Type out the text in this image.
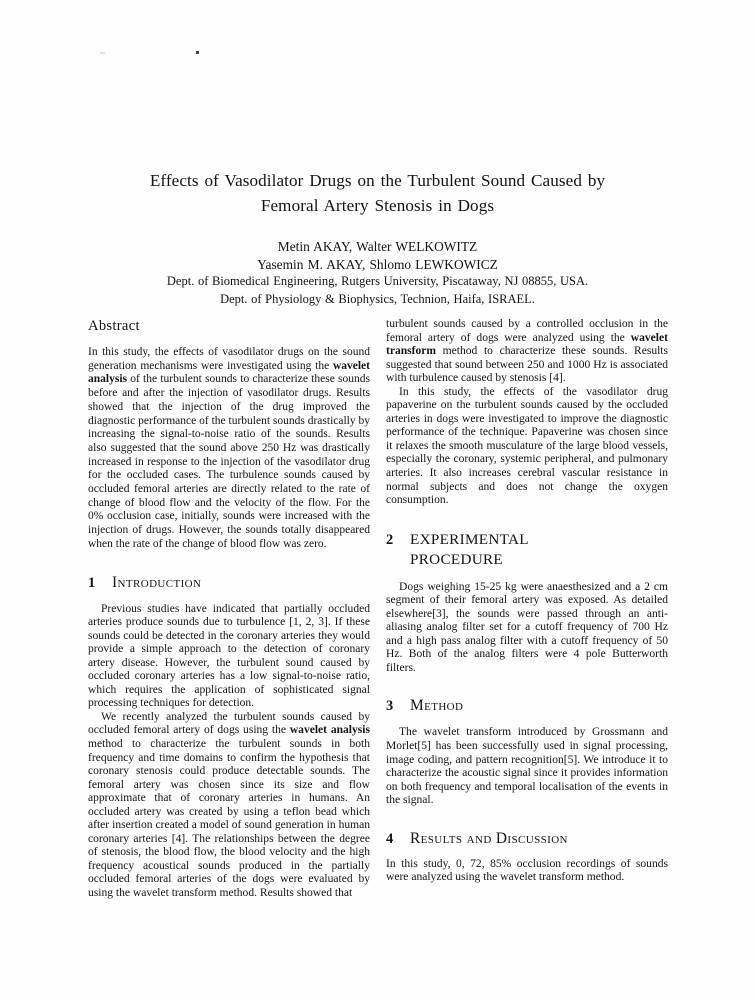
Effects of Vasodilator Drugs on the Turbulent Sound Caused by
Femoral Artery Stenosis in Dogs
Metin AKAY, Walter WELKOWITZ
Yasemin M. AKAY, Shlomo LEWKOWICZ
Dept. of Biomedical Engineering, Rutgers University, Piscataway, NJ 08855, USA.
Dept. of Physiology & Biophysics, Technion, Haifa, ISRAEL.
Abstract

In this study, the effects of vasodilator drugs on the sound generation mechanisms were investigated using the wavelet analysis of the turbulent sounds to characterize these sounds before and after the injection of vasodilator drugs. Results showed that the injection of the drug improved the diagnostic performance of the turbulent sounds drastically by increasing the signal-to-noise ratio of the sounds. Results also suggested that the sound above 250 Hz was drastically increased in response to the injection of the vasodilator drug for the occluded cases. The turbulence sounds caused by occluded femoral arteries are directly related to the rate of change of blood flow and the velocity of the flow. For the 0% occlusion case, initially, sounds were increased with the injection of drugs. However, the sounds totally disappeared when the rate of the change of blood flow was zero.

1	Introduction

Previous studies have indicated that partially occluded arteries produce sounds due to turbulence [1, 2, 3]. If these sounds could be detected in the coronary arteries they would provide a simple approach to the detection of coronary artery disease. However, the turbulent sound caused by occluded coronary arteries has a low signal-to-noise ratio, which requires the application of sophisticated signal processing techniques for detection.

We recently analyzed the turbulent sounds caused by occluded femoral artery of dogs using the wavelet analysis method to characterize the turbulent sounds in both frequency and time domains to confirm the hypothesis that coronary stenosis could produce detectable sounds. The femoral artery was chosen since its size and flow approximate that of coronary arteries in humans. An occluded artery was created by using a teflon bead which after insertion created a model of sound generation in human coronary arteries [4]. The relationships between the degree of stenosis, the blood flow, the blood velocity and the high frequency acoustical sounds produced in the partially occluded femoral arteries of the dogs were evaluated by using the wavelet transform method. Results showed that

turbulent sounds caused by a controlled occlusion in the femoral artery of dogs were analyzed using the wavelet transform method to characterize these sounds. Results suggested that sound between 250 and 1000 Hz is associated with turbulence caused by stenosis [4].

In this study, the effects of the vasodilator drug papaverine on the turbulent sounds caused by the occluded arteries in dogs were investigated to improve the diagnostic performance of the technique. Papaverine was chosen since it relaxes the smooth musculature of the large blood vessels, especially the coronary, systemic peripheral, and pulmonary arteries. It also increases cerebral vascular resistance in normal subjects and does not change the oxygen consumption.

2	EXPERIMENTAL
PROCEDURE

Dogs weighing 15-25 kg were anaesthesized and a 2 cm segment of their femoral artery was exposed. As detailed elsewhere[3], the sounds were passed through an anti-aliasing analog filter set for a cutoff frequency of 700 Hz and a high pass analog filter with a cutoff frequency of 50 Hz. Both of the analog filters were 4 pole Butterworth filters.

3	Method

The wavelet transform introduced by Grossmann and Morlet[5] has been successfully used in signal processing, image coding, and pattern recognition[5]. We introduce it to characterize the acoustic signal since it provides information on both frequency and temporal localisation of the events in the signal.

4	Results and Discussion

In this study, 0, 72, 85% occlusion recordings of sounds were analyzed using the wavelet transform method.
